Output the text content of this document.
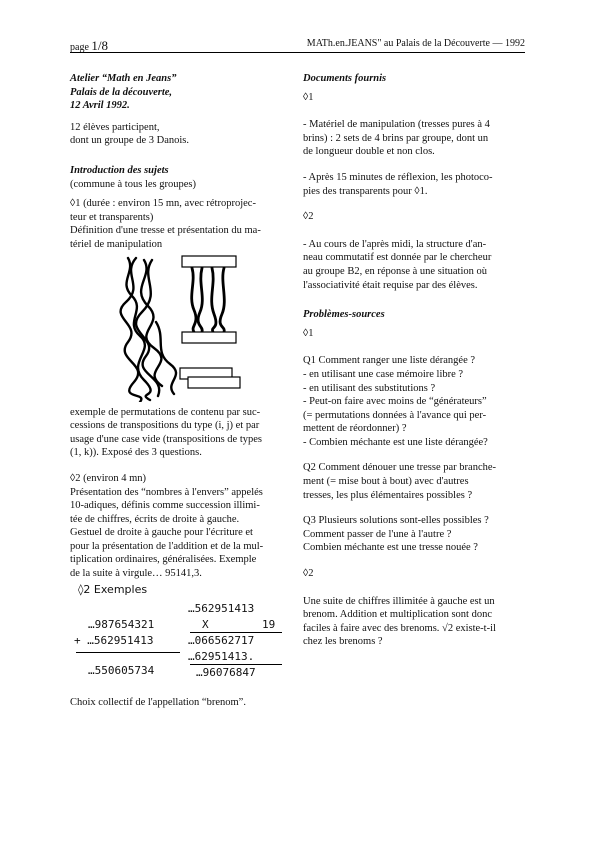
page 1/8	MATh.en.JEANS" au Palais de la Découverte — 1992

Atelier “Math en Jeans”
Palais de la découverte,
12 Avril 1992.

12 élèves participent,
dont un groupe de 3 Danois.

Introduction des sujets
(commune à tous les groupes)

◊1 (durée : environ 15 mn, avec rétroprojec-
teur et transparents)
Définition d'une tresse et présentation du ma-
tériel de manipulation
exemple de permutations de contenu par suc-
cessions de transpositions du type (i, j) et par
usage d'une case vide (transpositions de types
(1, k)). Exposé des 3 questions.
◊2 (environ 4 mn)
Présentation des “nombres à l'envers” appelés
10-adiques, définis comme succession illimi-
tée de chiffres, écrits de droite à gauche.
Gestuel de droite à gauche pour l'écriture et
pour la présentation de l'addition et de la mul-
tiplication ordinaires, généralisées. Exemple
de la suite à virgule… 95141,3.
◊2 Exemples
…987654321
+ …562951413
…550605734
…562951413
X	19
…066562717
…62951413.
…96076847

Choix collectif de l'appellation “brenom”.

Documents fournis

◊1

- Matériel de manipulation (tresses pures à 4
brins) : 2 sets de 4 brins par groupe, dont un
de longueur double et non clos.

- Après 15 minutes de réflexion, les photoco-
pies des transparents pour ◊1.

◊2

- Au cours de l'après midi, la structure d'an-
neau commutatif est donnée par le chercheur
au groupe B2, en réponse à une situation où
l'associativité était requise par des élèves.

Problèmes-sources

◊1

Q1 Comment ranger une liste dérangée ?
- en utilisant une case mémoire libre ?
- en utilisant des substitutions ?
- Peut-on faire avec moins de “générateurs”
(= permutations données à l'avance qui per-
mettent de réordonner) ?
- Combien méchante est une liste dérangée?

Q2 Comment dénouer une tresse par branche-
ment (= mise bout à bout) avec d'autres
tresses, les plus élémentaires possibles ?

Q3 Plusieurs solutions sont-elles possibles ?
Comment passer de l'une à l'autre ?
Combien méchante est une tresse nouée ?

◊2

Une suite de chiffres illimitée à gauche est un
brenom. Addition et multiplication sont donc
faciles à faire avec des brenoms. √2 existe-t-il
chez les brenoms ?
